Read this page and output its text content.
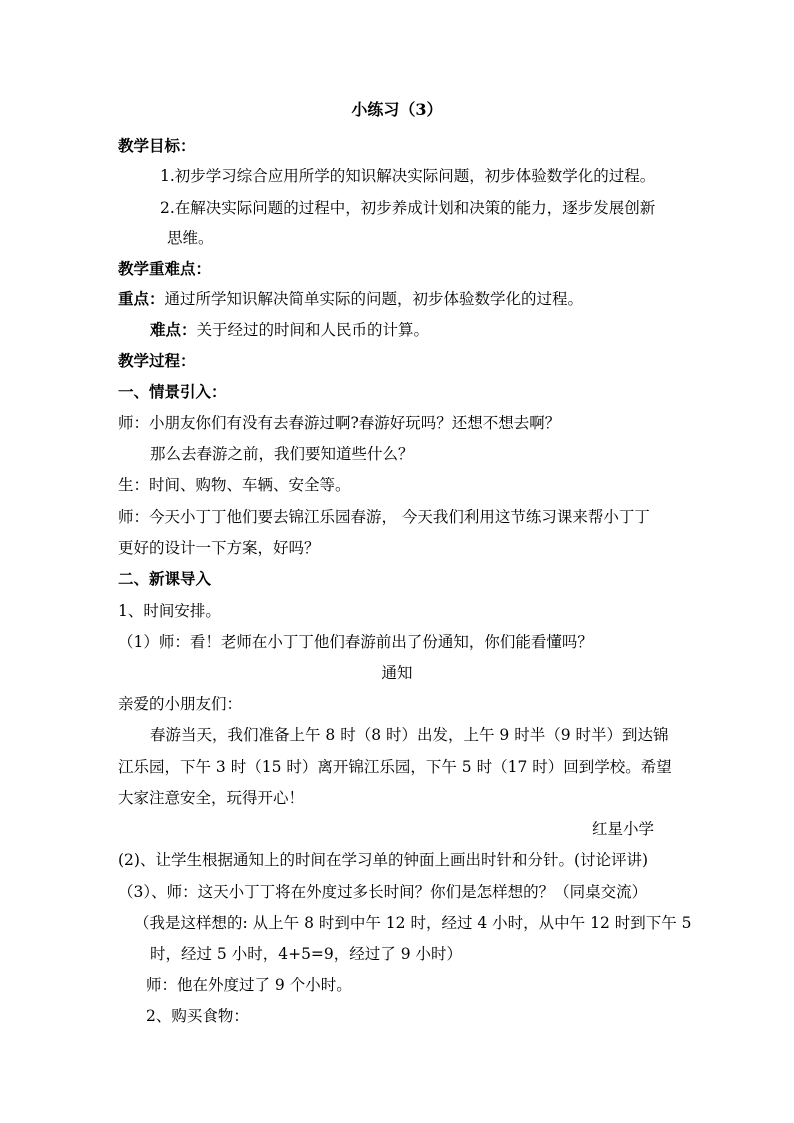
小练习（3）
教学目标：
1.初步学习综合应用所学的知识解决实际问题，初步体验数学化的过程。
2.在解决实际问题的过程中，初步养成计划和决策的能力，逐步发展创新
思维。
教学重难点：
重点：通过所学知识解决简单实际的问题，初步体验数学化的过程。
难点：关于经过的时间和人民币的计算。
教学过程：
一、情景引入：
师：小朋友你们有没有去春游过啊?春游好玩吗？还想不想去啊？
那么去春游之前，我们要知道些什么？
生：时间、购物、车辆、安全等。
师：今天小丁丁他们要去锦江乐园春游， 今天我们利用这节练习课来帮小丁丁
更好的设计一下方案，好吗？
二、新课导入
1、时间安排。
（1）师：看！老师在小丁丁他们春游前出了份通知，你们能看懂吗？
通知
亲爱的小朋友们：
春游当天，我们准备上午 8 时（8 时）出发，上午 9 时半（9 时半）到达锦
江乐园，下午 3 时（15 时）离开锦江乐园，下午 5 时（17 时）回到学校。希望
大家注意安全，玩得开心！
红星小学
(2)、让学生根据通知上的时间在学习单的钟面上画出时针和分针。(讨论评讲)
（3）、师：这天小丁丁将在外度过多长时间？你们是怎样想的？（同桌交流）
（我是这样想的: 从上午 8 时到中午 12 时，经过 4 小时，从中午 12 时到下午 5
时，经过 5 小时，4+5=9，经过了 9 小时）
师：他在外度过了 9 个小时。
2、购买食物：
